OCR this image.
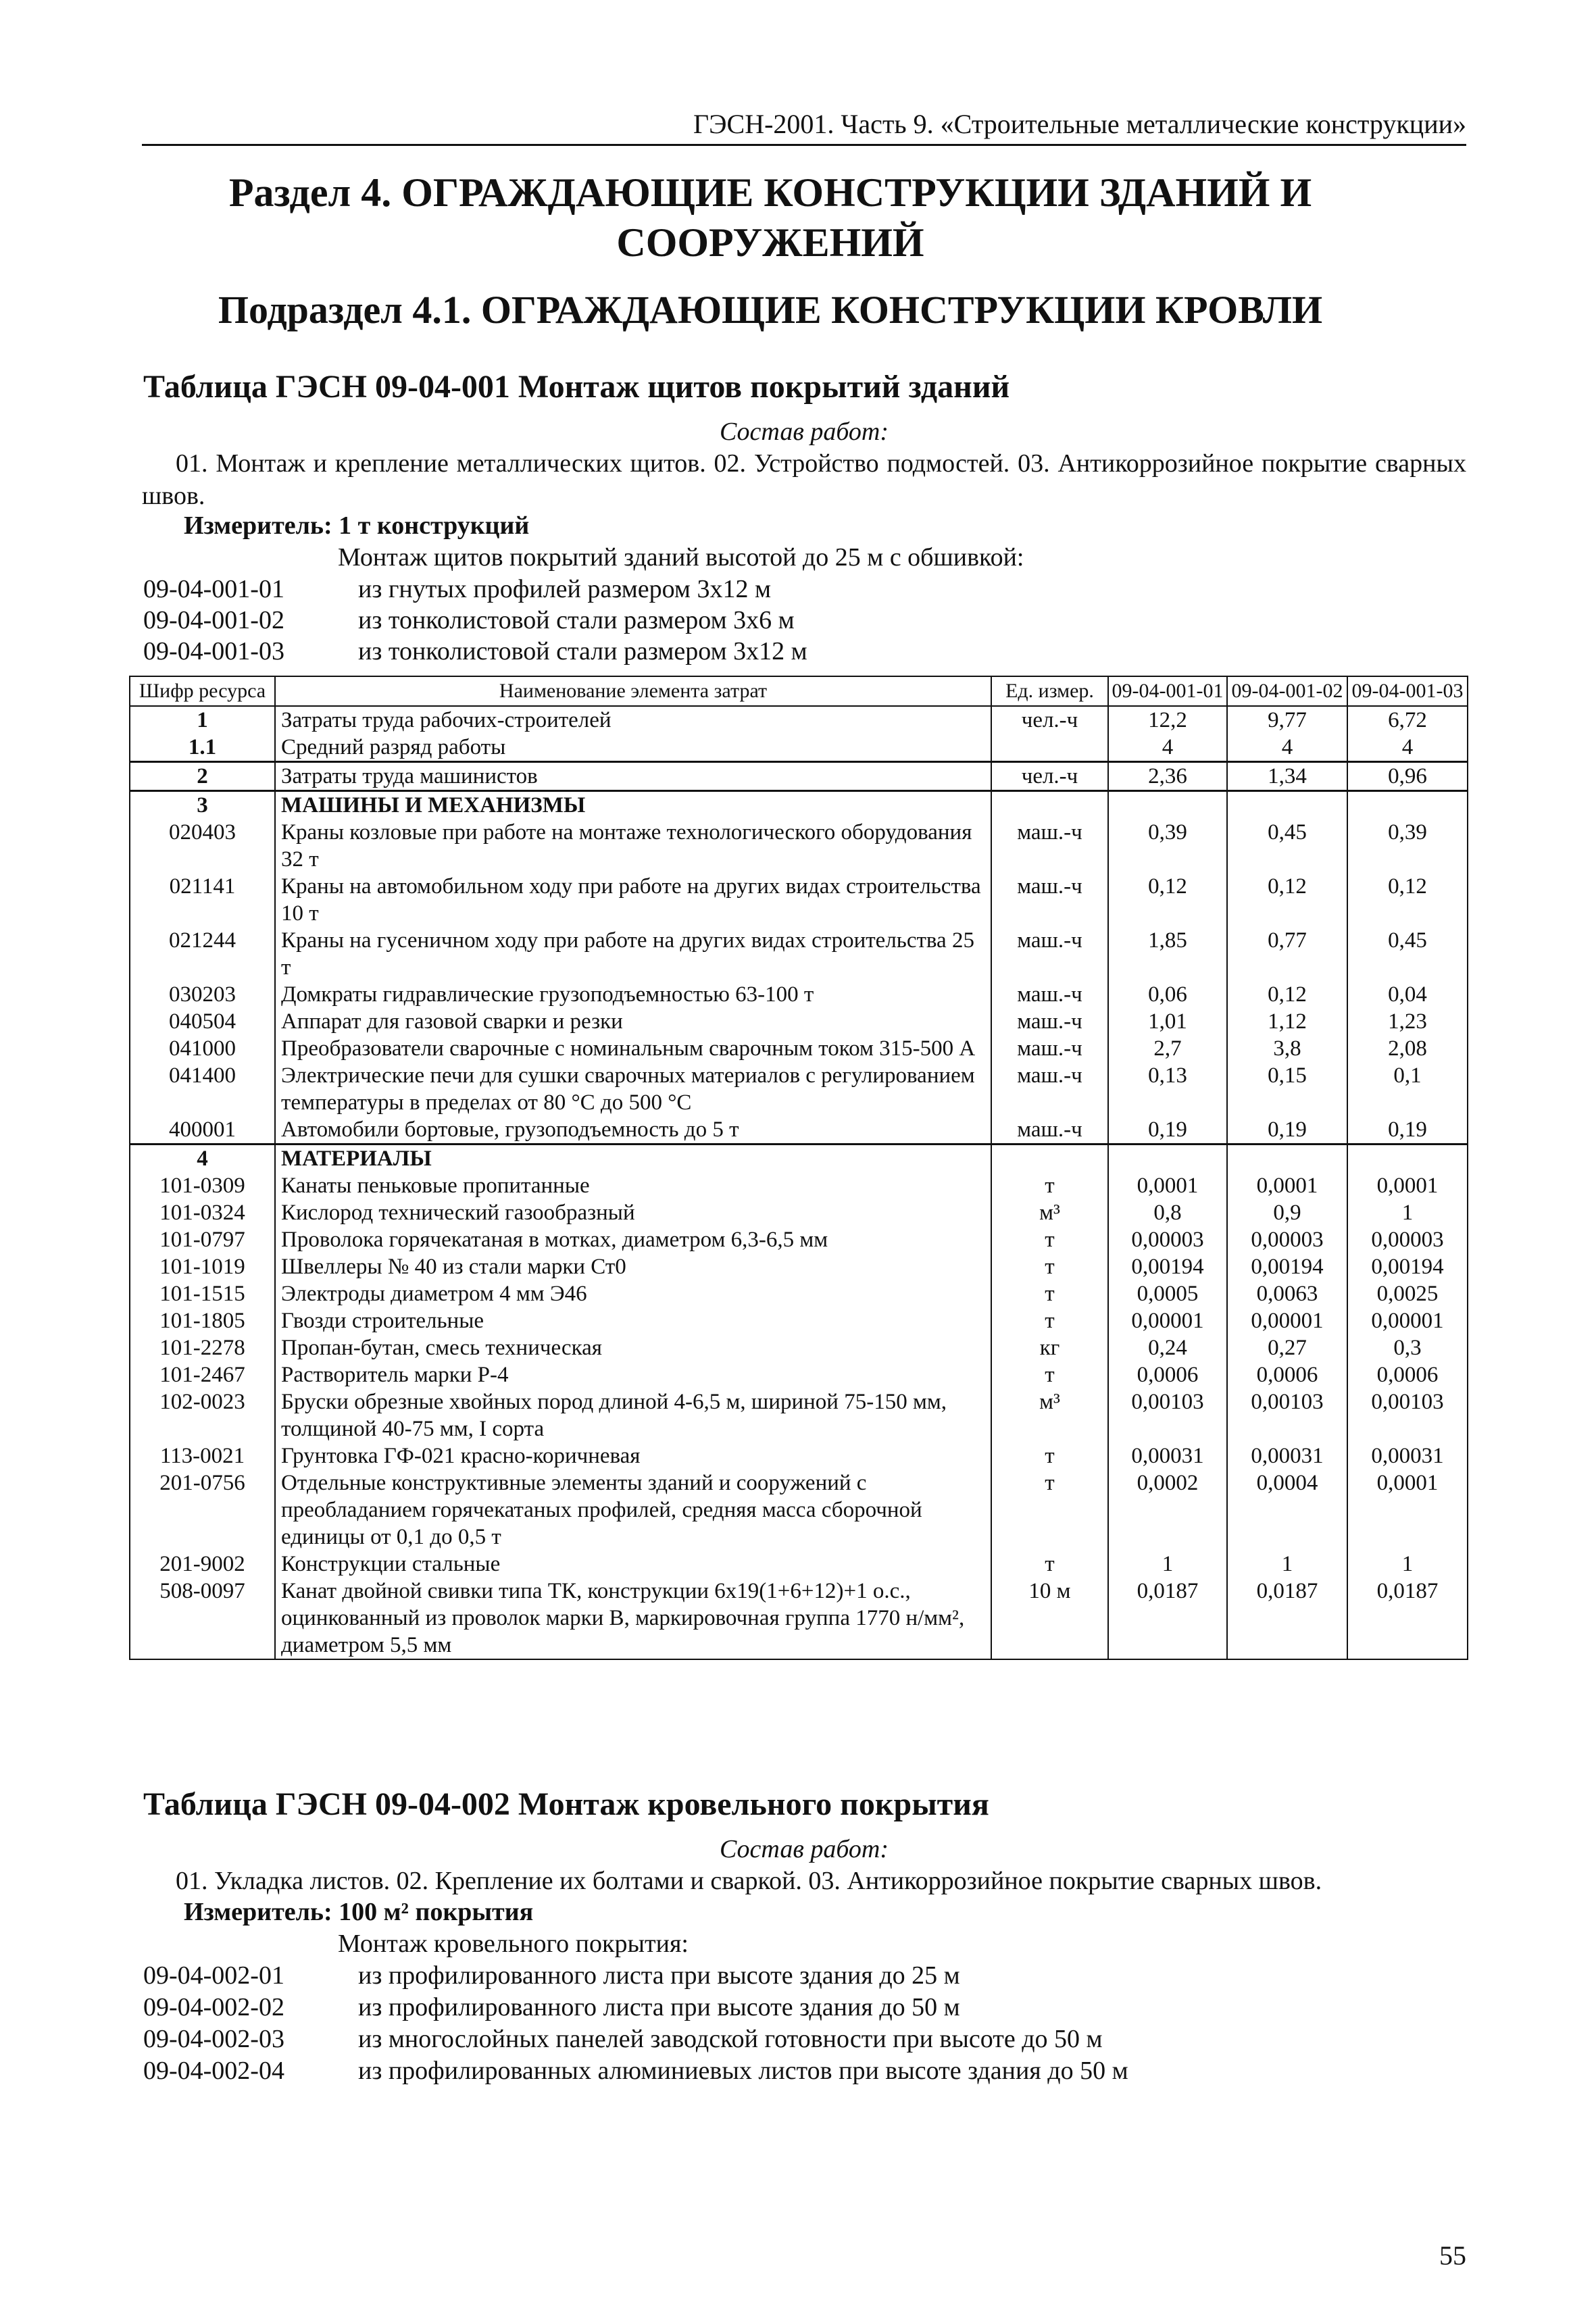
ГЭСН-2001. Часть 9. «Строительные металлические конструкции»
Раздел 4. ОГРАЖДАЮЩИЕ КОНСТРУКЦИИ ЗДАНИЙ И
СООРУЖЕНИЙ
Подраздел 4.1. ОГРАЖДАЮЩИЕ КОНСТРУКЦИИ КРОВЛИ
Таблица ГЭСН 09-04-001 Монтаж щитов покрытий зданий
Состав работ:
01. Монтаж и крепление металлических щитов. 02. Устройство подмостей. 03. Антикоррозийное покрытие сварных швов.
Измеритель: 1 т конструкций
Монтаж щитов покрытий зданий высотой до 25 м с обшивкой:
09-04-001-01	из гнутых профилей размером 3х12 м
09-04-001-02	из тонколистовой стали размером 3х6 м
09-04-001-03	из тонколистовой стали размером 3х12 м
Шифр ресурса	Наименование элемента затрат	Ед. измер.	09-04-001-01	09-04-001-02	09-04-001-03
1	Затраты труда рабочих-строителей	чел.-ч	12,2	9,77	6,72
1.1	Средний разряд работы		4	4	4
2	Затраты труда машинистов	чел.-ч	2,36	1,34	0,96
3	МАШИНЫ И МЕХАНИЗМЫ				
020403	Краны козловые при работе на монтаже технологического оборудования 32 т	маш.-ч	0,39	0,45	0,39
021141	Краны на автомобильном ходу при работе на других видах строительства 10 т	маш.-ч	0,12	0,12	0,12
021244	Краны на гусеничном ходу при работе на других видах строительства 25 т	маш.-ч	1,85	0,77	0,45
030203	Домкраты гидравлические грузоподъемностью 63-100 т	маш.-ч	0,06	0,12	0,04
040504	Аппарат для газовой сварки и резки	маш.-ч	1,01	1,12	1,23
041000	Преобразователи сварочные с номинальным сварочным током 315-500 А	маш.-ч	2,7	3,8	2,08
041400	Электрические печи для сушки сварочных материалов с регулированием температуры в пределах от 80 °С до 500 °С	маш.-ч	0,13	0,15	0,1
400001	Автомобили бортовые, грузоподъемность до 5 т	маш.-ч	0,19	0,19	0,19
4	МАТЕРИАЛЫ				
101-0309	Канаты пеньковые пропитанные	т	0,0001	0,0001	0,0001
101-0324	Кислород технический газообразный	м³	0,8	0,9	1
101-0797	Проволока горячекатаная в мотках, диаметром 6,3-6,5 мм	т	0,00003	0,00003	0,00003
101-1019	Швеллеры № 40 из стали марки Ст0	т	0,00194	0,00194	0,00194
101-1515	Электроды диаметром 4 мм Э46	т	0,0005	0,0063	0,0025
101-1805	Гвозди строительные	т	0,00001	0,00001	0,00001
101-2278	Пропан-бутан, смесь техническая	кг	0,24	0,27	0,3
101-2467	Растворитель марки Р-4	т	0,0006	0,0006	0,0006
102-0023	Бруски обрезные хвойных пород длиной 4-6,5 м, шириной 75-150 мм, толщиной 40-75 мм, I сорта	м³	0,00103	0,00103	0,00103
113-0021	Грунтовка ГФ-021 красно-коричневая	т	0,00031	0,00031	0,00031
201-0756	Отдельные конструктивные элементы зданий и сооружений с преобладанием горячекатаных профилей, средняя масса сборочной единицы от 0,1 до 0,5 т	т	0,0002	0,0004	0,0001
201-9002	Конструкции стальные	т	1	1	1
508-0097	Канат двойной свивки типа ТК, конструкции 6х19(1+6+12)+1 о.с., оцинкованный из проволок марки В, маркировочная группа 1770 н/мм², диаметром 5,5 мм	10 м	0,0187	0,0187	0,0187
Таблица ГЭСН 09-04-002 Монтаж кровельного покрытия
Состав работ:
01. Укладка листов. 02. Крепление их болтами и сваркой. 03. Антикоррозийное покрытие сварных швов.
Измеритель: 100 м² покрытия
Монтаж кровельного покрытия:
09-04-002-01	из профилированного листа при высоте здания до 25 м
09-04-002-02	из профилированного листа при высоте здания до 50 м
09-04-002-03	из многослойных панелей заводской готовности при высоте до 50 м
09-04-002-04	из профилированных алюминиевых листов при высоте здания до 50 м
55
